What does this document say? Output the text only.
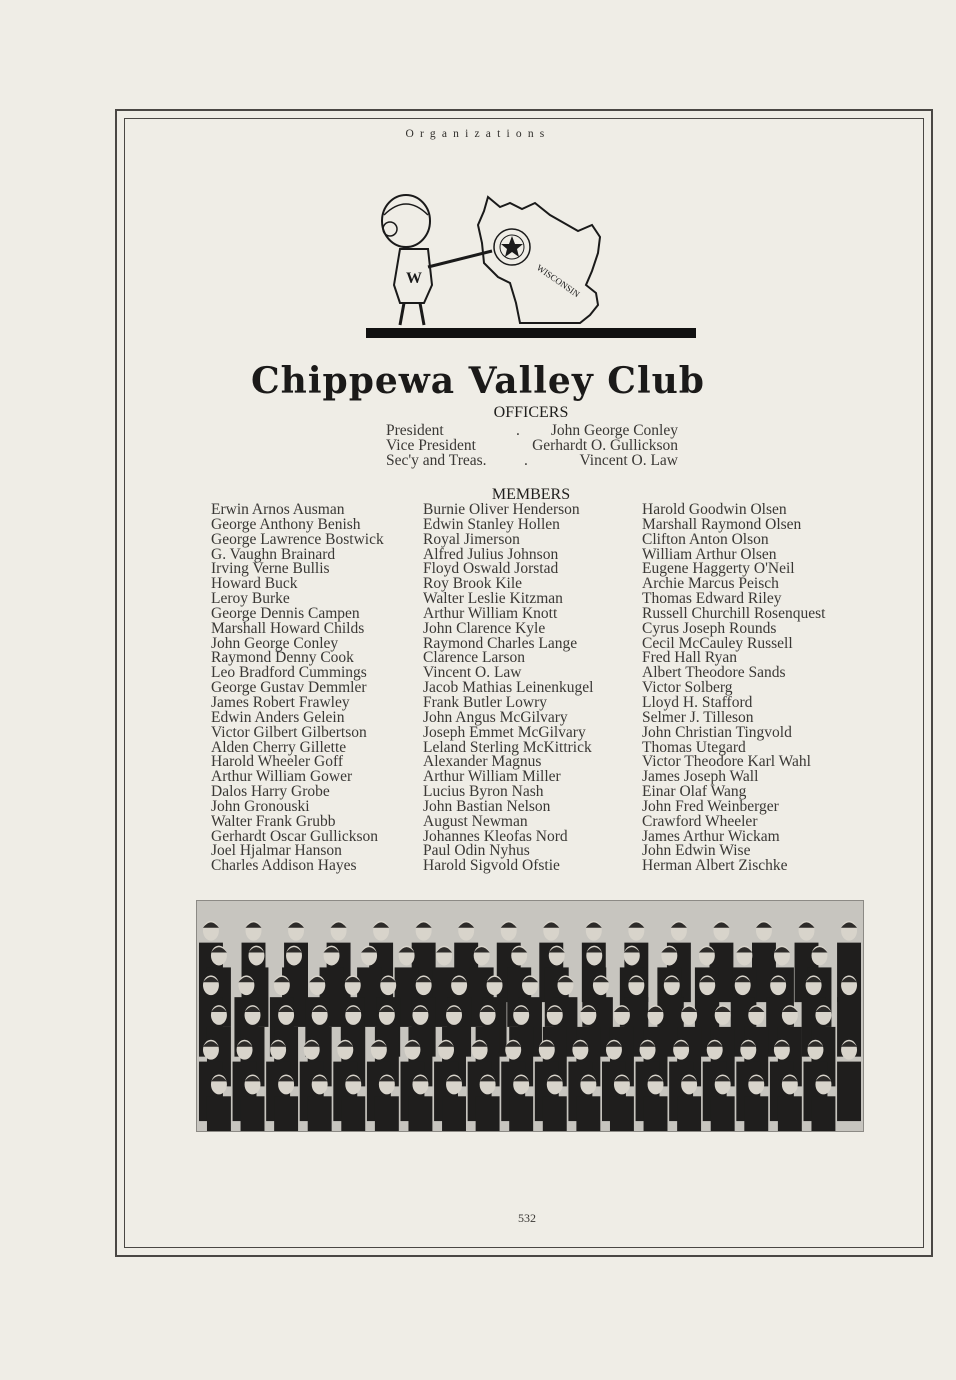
Organizations
WISCONSIN
W
Chippewa Valley Club
OFFICERS
President	. John George Conley
Vice President	Gerhardt O. Gullickson
Sec'y and Treas. .	Vincent O. Law
MEMBERS
Erwin Arnos Ausman
George Anthony Benish
George Lawrence Bostwick
G. Vaughn Brainard
Irving Verne Bullis
Howard Buck
Leroy Burke
George Dennis Campen
Marshall Howard Childs
John George Conley
Raymond Denny Cook
Leo Bradford Cummings
George Gustav Demmler
James Robert Frawley
Edwin Anders Gelein
Victor Gilbert Gilbertson
Alden Cherry Gillette
Harold Wheeler Goff
Arthur William Gower
Dalos Harry Grobe
John Gronouski
Walter Frank Grubb
Gerhardt Oscar Gullickson
Joel Hjalmar Hanson
Charles Addison Hayes
Burnie Oliver Henderson
Edwin Stanley Hollen
Royal Jimerson
Alfred Julius Johnson
Floyd Oswald Jorstad
Roy Brook Kile
Walter Leslie Kitzman
Arthur William Knott
John Clarence Kyle
Raymond Charles Lange
Clarence Larson
Vincent O. Law
Jacob Mathias Leinenkugel
Frank Butler Lowry
John Angus McGilvary
Joseph Emmet McGilvary
Leland Sterling McKittrick
Alexander Magnus
Arthur William Miller
Lucius Byron Nash
John Bastian Nelson
August Newman
Johannes Kleofas Nord
Paul Odin Nyhus
Harold Sigvold Ofstie
Harold Goodwin Olsen
Marshall Raymond Olsen
Clifton Anton Olson
William Arthur Olsen
Eugene Haggerty O'Neil
Archie Marcus Peisch
Thomas Edward Riley
Russell Churchill Rosenquest
Cyrus Joseph Rounds
Cecil McCauley Russell
Fred Hall Ryan
Albert Theodore Sands
Victor Solberg
Lloyd H. Stafford
Selmer J. Tilleson
John Christian Tingvold
Thomas Utegard
Victor Theodore Karl Wahl
James Joseph Wall
Einar Olaf Wang
John Fred Weinberger
Crawford Wheeler
James Arthur Wickam
John Edwin Wise
Herman Albert Zischke
532
